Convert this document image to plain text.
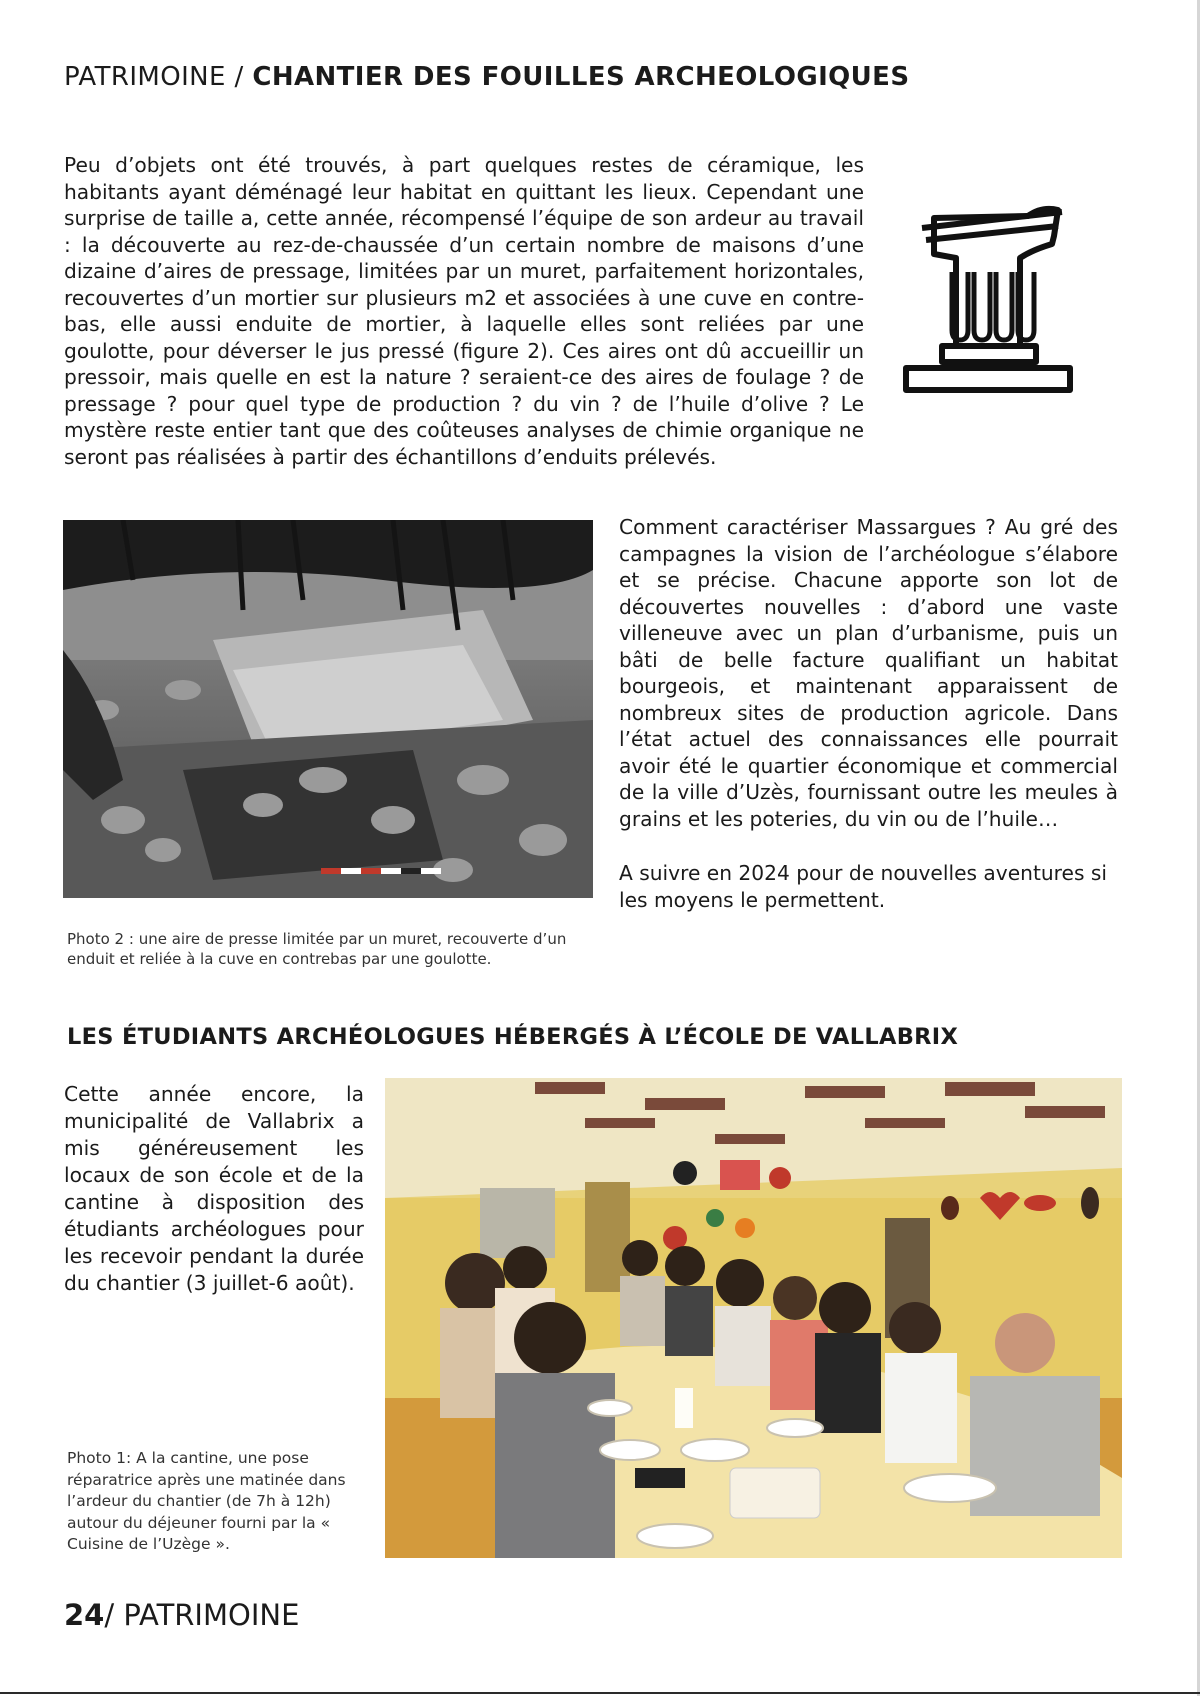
PATRIMOINE / CHANTIER DES FOUILLES ARCHEOLOGIQUES
Peu d’objets ont été trouvés, à part quelques restes de céramique, les habitants ayant déménagé leur habitat en quittant les lieux. Cependant une surprise de taille a, cette année, récompensé l’équipe de son ardeur au travail : la découverte au rez-de-chaussée d’un certain nombre de maisons d’une dizaine d’aires de pressage, limitées par un muret, parfaitement horizontales, recouvertes d’un mortier sur plusieurs m2 et associées à une cuve en contre-bas, elle aussi enduite de mortier, à laquelle elles sont reliées par une goulotte, pour déverser le jus pressé (figure 2). Ces aires ont dû accueillir un pressoir, mais quelle en est la nature ? seraient-ce des aires de foulage ? de pressage ? pour quel type de production ? du vin ? de l’huile d’olive ? Le mystère reste entier tant que des coûteuses analyses de chimie organique ne seront pas réalisées à partir des échantillons d’enduits prélevés.
Photo 2 : une aire de presse limitée par un muret, recouverte d’un enduit et reliée à la cuve en contrebas par une goulotte.
Comment caractériser Massargues ? Au gré des campagnes la vision de l’archéologue s’élabore et se précise. Chacune apporte son lot de découvertes nouvelles : d’abord une vaste villeneuve avec un plan d’urbanisme, puis un bâti de belle facture qualifiant un habitat bourgeois, et maintenant apparaissent de nombreux sites de production agricole. Dans l’état actuel des connaissances elle pourrait avoir été le quartier économique et commercial de la ville d’Uzès, fournissant outre les meules à grains et les poteries, du vin ou de l’huile…
A suivre en 2024 pour de nouvelles aventures si les moyens le permettent.
LES ÉTUDIANTS ARCHÉOLOGUES HÉBERGÉS À L’ÉCOLE DE VALLABRIX
Cette année encore, la municipalité de Vallabrix a mis généreusement les locaux de son école et de la cantine à disposition des étudiants archéologues pour les recevoir pendant la durée du chantier (3 juillet-6 août).
Photo 1: A la cantine, une pose réparatrice après une matinée dans l’ardeur du chantier (de 7h à 12h) autour du déjeuner fourni par la « Cuisine de l’Uzège ».
24/ PATRIMOINE
